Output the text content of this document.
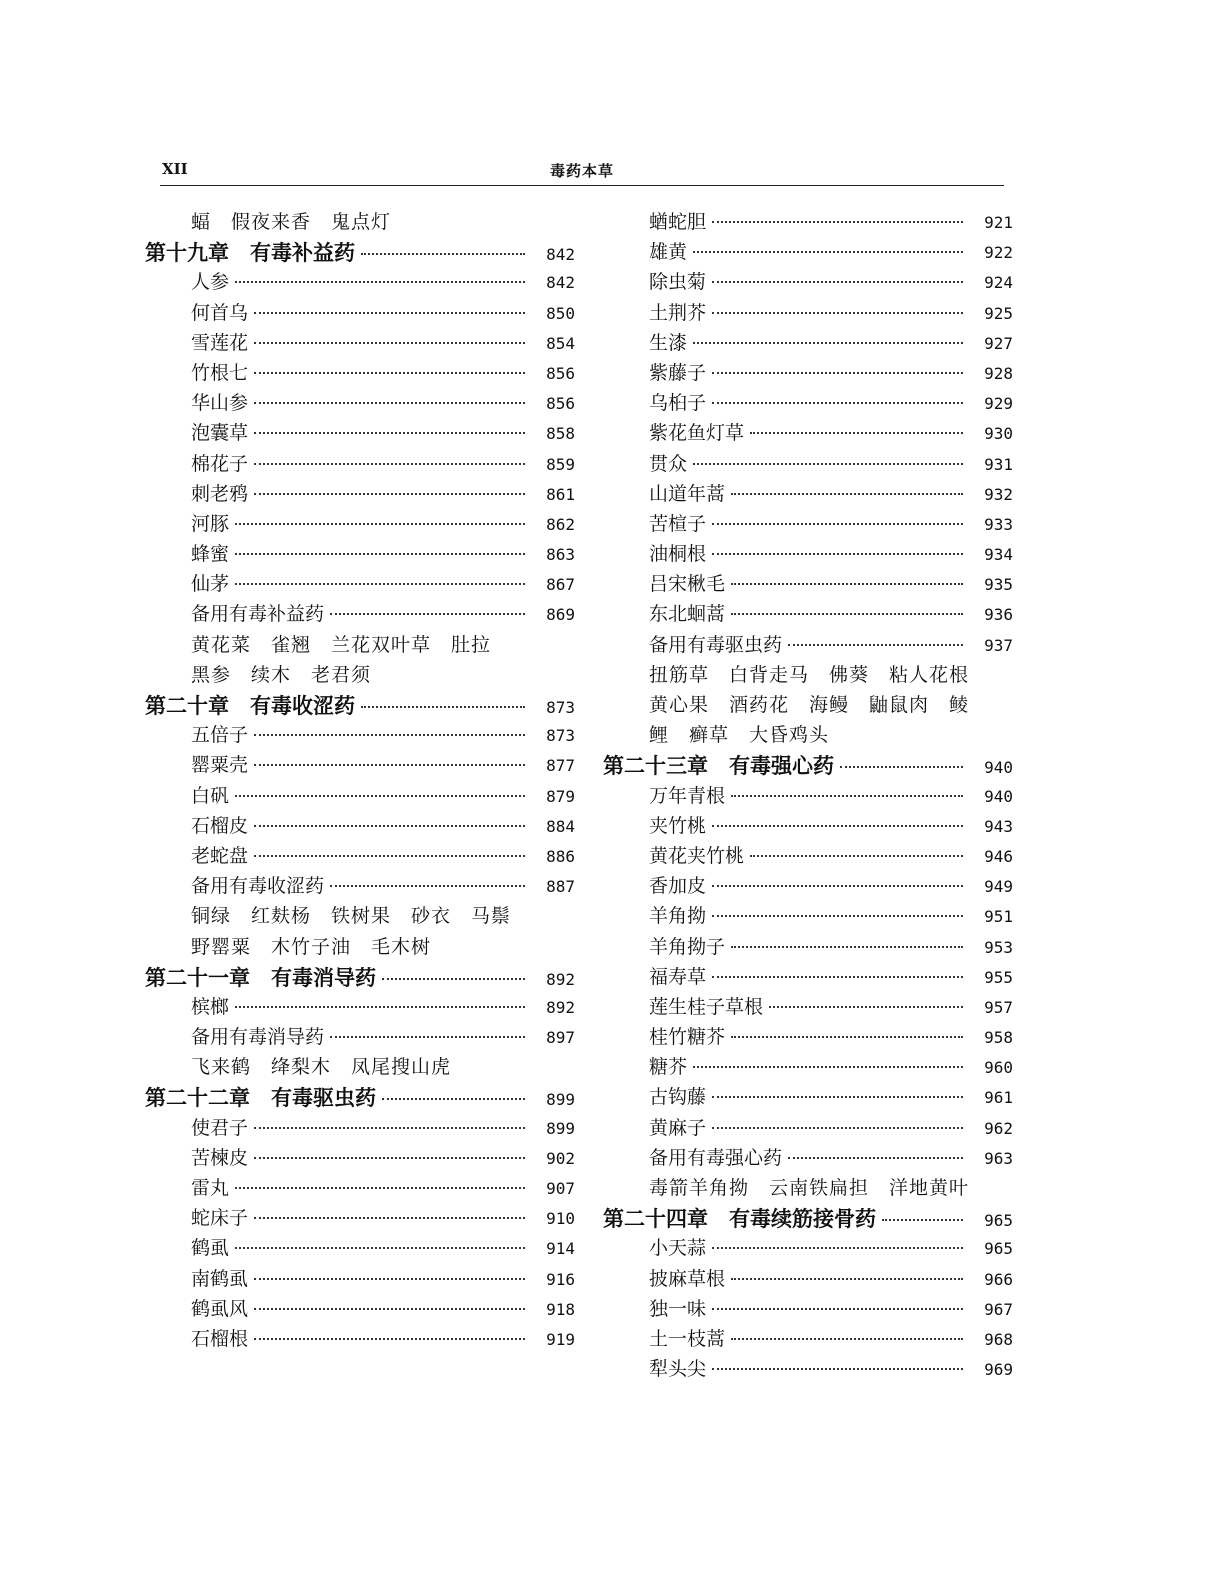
XII	毒药本草
蝠　假夜来香　鬼点灯
第十九章　有毒补益药	842
人参	842
何首乌	850
雪莲花	854
竹根七	856
华山参	856
泡囊草	858
棉花子	859
刺老鸦	861
河豚	862
蜂蜜	863
仙茅	867
备用有毒补益药	869
黄花菜　雀翘　兰花双叶草　肚拉
黑参　续木　老君须
第二十章　有毒收涩药	873
五倍子	873
罂粟壳	877
白矾	879
石榴皮	884
老蛇盘	886
备用有毒收涩药	887
铜绿　红麸杨　铁树果　砂衣　马鬃
野罂粟　木竹子油　毛木树
第二十一章　有毒消导药	892
槟榔	892
备用有毒消导药	897
飞来鹤　绛梨木　凤尾搜山虎
第二十二章　有毒驱虫药	899
使君子	899
苦楝皮	902
雷丸	907
蛇床子	910
鹤虱	914
南鹤虱	916
鹤虱风	918
石榴根	919
蝤蛇胆	921
雄黄	922
除虫菊	924
土荆芥	925
生漆	927
紫藤子	928
乌桕子	929
紫花鱼灯草	930
贯众	931
山道年蒿	932
苦楦子	933
油桐根	934
吕宋楸毛	935
东北蛔蒿	936
备用有毒驱虫药	937
扭筋草　白背走马　佛葵　粘人花根
黄心果　酒药花　海鳗　鼬鼠肉　鲮
鲤　癣草　大昏鸡头
第二十三章　有毒强心药	940
万年青根	940
夹竹桃	943
黄花夹竹桃	946
香加皮	949
羊角拗	951
羊角拗子	953
福寿草	955
莲生桂子草根	957
桂竹糖芥	958
糖芥	960
古钩藤	961
黄麻子	962
备用有毒强心药	963
毒箭羊角拗　云南铁扁担　洋地黄叶
第二十四章　有毒续筋接骨药	965
小天蒜	965
披麻草根	966
独一味	967
土一枝蒿	968
犁头尖	969
